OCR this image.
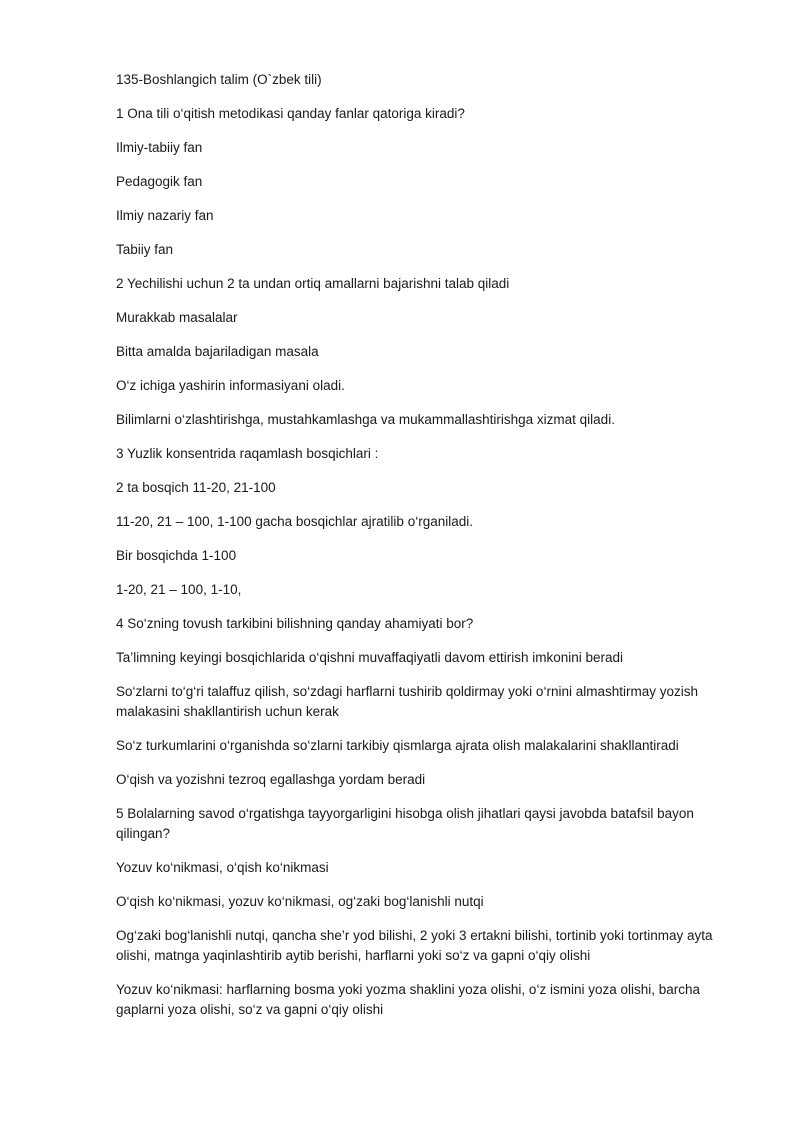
135-Boshlangich talim (O`zbek tili)

1 Ona tili o‘qitish metodikasi qanday fanlar qatoriga kiradi?

Ilmiy-tabiiy fan

Pedagogik fan

Ilmiy nazariy fan

Tabiiy fan

2 Yechilishi uchun 2 ta undan ortiq amallarni bajarishni talab qiladi

Murakkab masalalar

Bitta amalda bajariladigan masala

O‘z ichiga yashirin informasiyani oladi.

Bilimlarni o‘zlashtirishga, mustahkamlashga va mukammallashtirishga xizmat qiladi.

3 Yuzlik konsentrida raqamlash bosqichlari :

2 ta bosqich 11-20, 21-100

11-20, 21 – 100, 1-100 gacha bosqichlar ajratilib o‘rganiladi.

Bir bosqichda 1-100

1-20, 21 – 100, 1-10,

4 So‘zning tovush tarkibini bilishning qanday ahamiyati bor?

Ta’limning keyingi bosqichlarida o‘qishni muvaffaqiyatli davom ettirish imkonini beradi

So‘zlarni to‘g‘ri talaffuz qilish, so‘zdagi harflarni tushirib qoldirmay yoki o‘rnini almashtirmay yozish malakasini shakllantirish uchun kerak

So‘z turkumlarini o‘rganishda so‘zlarni tarkibiy qismlarga ajrata olish malakalarini shakllantiradi

O‘qish va yozishni tezroq egallashga yordam beradi

5 Bolalarning savod o‘rgatishga tayyorgarligini hisobga olish jihatlari qaysi javobda batafsil bayon qilingan?

Yozuv ko‘nikmasi, o‘qish ko‘nikmasi

O‘qish ko‘nikmasi, yozuv ko‘nikmasi, og‘zaki bog‘lanishli nutqi

Og‘zaki bog‘lanishli nutqi, qancha she’r yod bilishi, 2 yoki 3 ertakni bilishi, tortinib yoki tortinmay ayta olishi, matnga yaqinlashtirib aytib berishi, harflarni yoki so‘z va gapni o‘qiy olishi

Yozuv ko‘nikmasi: harflarning bosma yoki yozma shaklini yoza olishi, o‘z ismini yoza olishi, barcha gaplarni yoza olishi, so‘z va gapni o‘qiy olishi
